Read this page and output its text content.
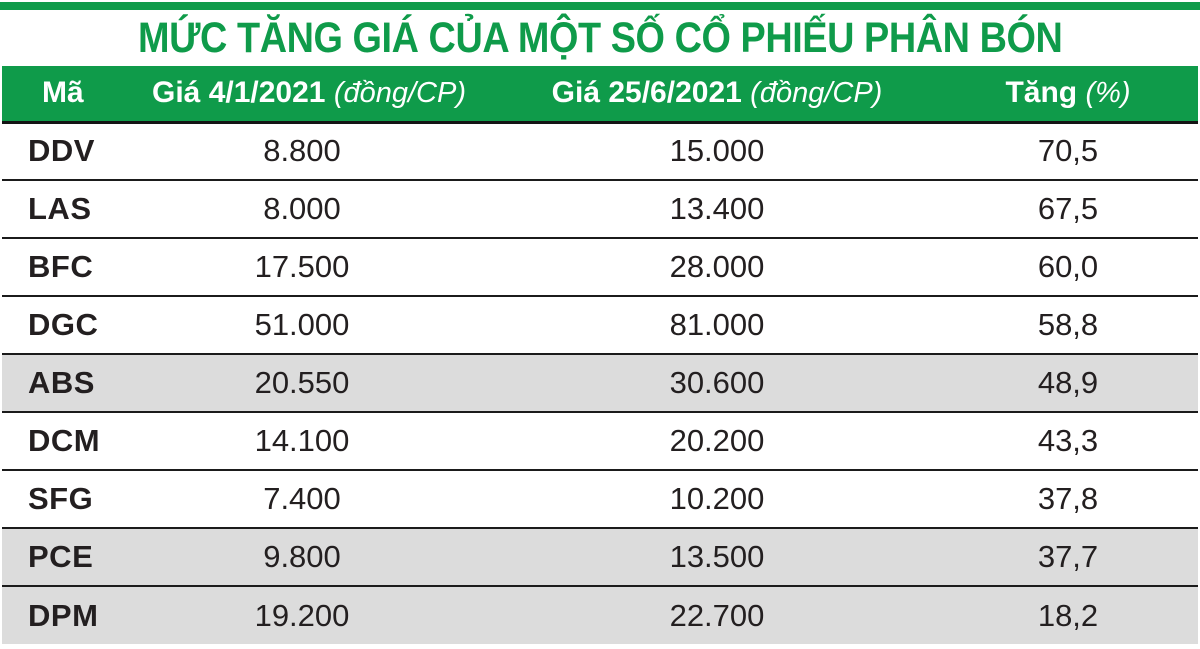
MỨC TĂNG GIÁ CỦA MỘT SỐ CỔ PHIẾU PHÂN BÓN
Mã	Giá 4/1/2021 (đồng/CP)	Giá 25/6/2021 (đồng/CP)	Tăng (%)
DDV	8.800	15.000	70,5
LAS	8.000	13.400	67,5
BFC	17.500	28.000	60,0
DGC	51.000	81.000	58,8
ABS	20.550	30.600	48,9
DCM	14.100	20.200	43,3
SFG	7.400	10.200	37,8
PCE	9.800	13.500	37,7
DPM	19.200	22.700	18,2
